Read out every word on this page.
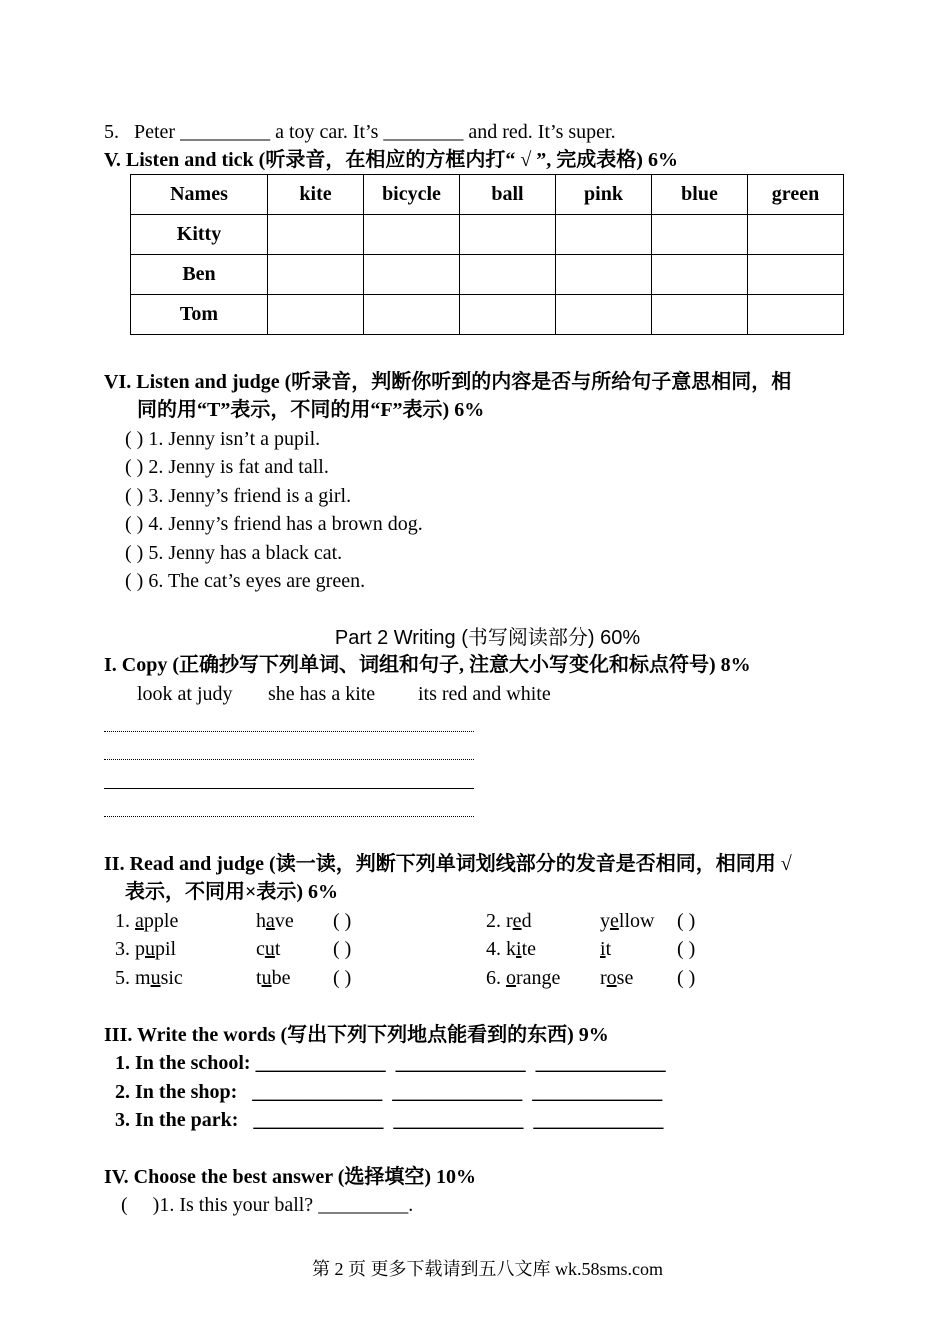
5. Peter _________ a toy car. It’s ________ and red. It’s super.
V. Listen and tick (听录音，在相应的方框内打“ √ ”, 完成表格) 6%
Names	kite	bicycle	ball	pink	blue	green
Kitty						
Ben						
Tom						
VI. Listen and judge (听录音，判断你听到的内容是否与所给句子意思相同，相
同的用“T”表示，不同的用“F”表示) 6%
( ) 1. Jenny isn’t a pupil.
( ) 2. Jenny is fat and tall.
( ) 3. Jenny’s friend is a girl.
( ) 4. Jenny’s friend has a brown dog.
( ) 5. Jenny has a black cat.
( ) 6. The cat’s eyes are green.
Part 2 Writing (书写阅读部分) 60%
I. Copy (正确抄写下列单词、词组和句子, 注意大小写变化和标点符号) 8%
look at judy she has a kite its red and white
II. Read and judge (读一读，判断下列单词划线部分的发音是否相同，相同用 √
表示，不同用×表示) 6%
1. apple	have ( )	2. red	yellow ( )
3. pupil	cut	( )	4. kite	it	( )
5. music	tube ( )	6. orange rose ( )
III. Write the words (写出下列下列地点能看到的东西) 9%
1. In the school: _____________  _____________  _____________
2. In the shop:   _____________  _____________  _____________
3. In the park:   _____________  _____________  _____________
IV. Choose the best answer (选择填空) 10%
(     )1. Is this your ball? _________.
第 2 页 更多下载请到五八文库 wk.58sms.com
